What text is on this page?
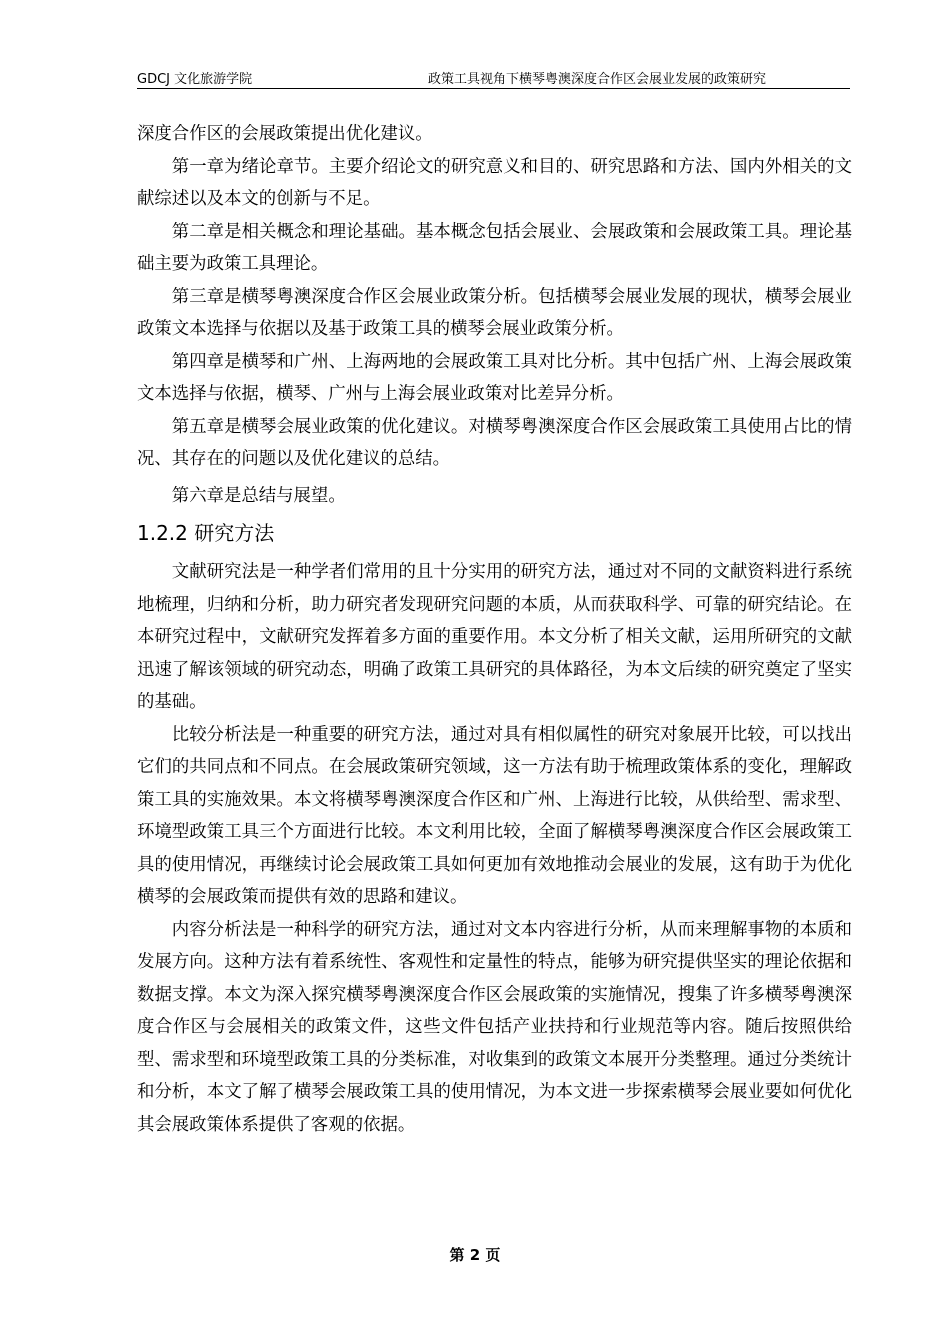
GDCJ 文化旅游学院	政策工具视角下横琴粤澳深度合作区会展业发展的政策研究

深度合作区的会展政策提出优化建议。

第一章为绪论章节。主要介绍论文的研究意义和目的、研究思路和方法、国内外相关的文献综述以及本文的创新与不足。

第二章是相关概念和理论基础。基本概念包括会展业、会展政策和会展政策工具。理论基础主要为政策工具理论。

第三章是横琴粤澳深度合作区会展业政策分析。包括横琴会展业发展的现状，横琴会展业政策文本选择与依据以及基于政策工具的横琴会展业政策分析。

第四章是横琴和广州、上海两地的会展政策工具对比分析。其中包括广州、上海会展政策文本选择与依据，横琴、广州与上海会展业政策对比差异分析。

第五章是横琴会展业政策的优化建议。对横琴粤澳深度合作区会展政策工具使用占比的情况、其存在的问题以及优化建议的总结。

第六章是总结与展望。

1.2.2 研究方法

文献研究法是一种学者们常用的且十分实用的研究方法，通过对不同的文献资料进行系统地梳理，归纳和分析，助力研究者发现研究问题的本质，从而获取科学、可靠的研究结论。在本研究过程中，文献研究发挥着多方面的重要作用。本文分析了相关文献，运用所研究的文献迅速了解该领域的研究动态，明确了政策工具研究的具体路径，为本文后续的研究奠定了坚实的基础。

比较分析法是一种重要的研究方法，通过对具有相似属性的研究对象展开比较，可以找出它们的共同点和不同点。在会展政策研究领域，这一方法有助于梳理政策体系的变化，理解政策工具的实施效果。本文将横琴粤澳深度合作区和广州、上海进行比较，从供给型、需求型、环境型政策工具三个方面进行比较。本文利用比较，全面了解横琴粤澳深度合作区会展政策工具的使用情况，再继续讨论会展政策工具如何更加有效地推动会展业的发展，这有助于为优化横琴的会展政策而提供有效的思路和建议。

内容分析法是一种科学的研究方法，通过对文本内容进行分析，从而来理解事物的本质和发展方向。这种方法有着系统性、客观性和定量性的特点，能够为研究提供坚实的理论依据和数据支撑。本文为深入探究横琴粤澳深度合作区会展政策的实施情况，搜集了许多横琴粤澳深度合作区与会展相关的政策文件，这些文件包括产业扶持和行业规范等内容。随后按照供给型、需求型和环境型政策工具的分类标准，对收集到的政策文本展开分类整理。通过分类统计和分析，本文了解了横琴会展政策工具的使用情况，为本文进一步探索横琴会展业要如何优化其会展政策体系提供了客观的依据。

第 2 页
